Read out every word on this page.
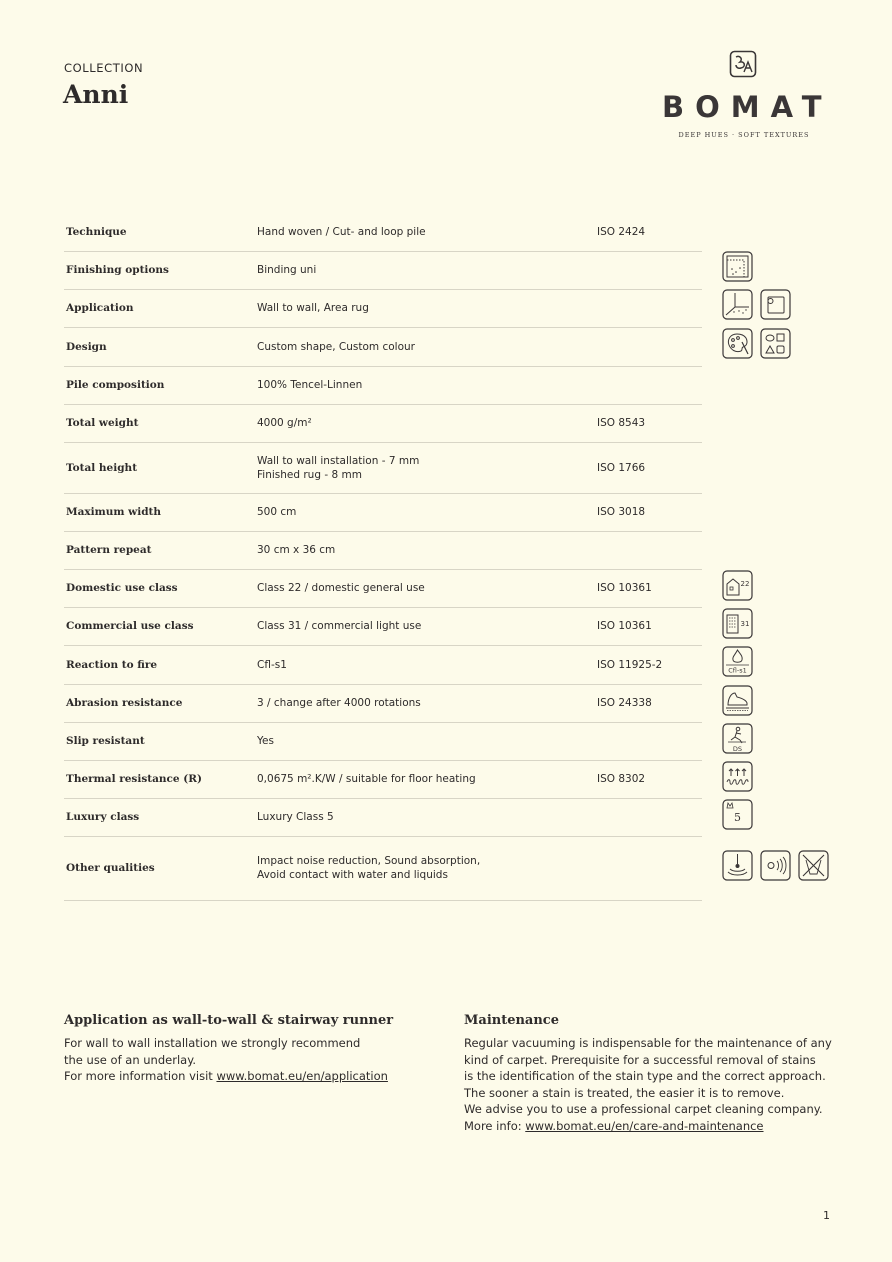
COLLECTION
Anni	BOMAT
DEEP HUES · SOFT TEXTURES
Technique	Hand woven / Cut- and loop pile	ISO 2424
Finishing options	Binding uni	

Application	Wall to wall, Area rug	

Design	Custom shape, Custom colour	

Pile composition	100% Tencel-Linnen	

Total weight	4000 g/m²	ISO 8543
Total height	Wall to wall installation - 7 mm
Finished rug - 8 mm	ISO 1766
Maximum width	500 cm	ISO 3018
Pattern repeat	30 cm x 36 cm	

Domestic use class	Class 22 / domestic general use	ISO 10361
Commercial use class	Class 31 / commercial light use	ISO 10361
Reaction to fire	Cfl-s1	ISO 11925-2
Abrasion resistance	3 / change after 4000 rotations	ISO 24338
Slip resistant	Yes	

Thermal resistance (R)	0,0675 m².K/W / suitable for floor heating	ISO 8302
Luxury class	Luxury Class 5	

Other qualities	Impact noise reduction, Sound absorption,
Avoid contact with water and liquids	

22
31
Cfl-s1
DS
5
Application as wall-to-wall & stairway runner
For wall to wall installation we strongly recommend
the use of an underlay.
For more information visit www.bomat.eu/en/application
Maintenance
Regular vacuuming is indispensable for the maintenance of any
kind of carpet. Prerequisite for a successful removal of stains
is the identification of the stain type and the correct approach.
The sooner a stain is treated, the easier it is to remove.
We advise you to use a professional carpet cleaning company.
More info: www.bomat.eu/en/care-and-maintenance
1
